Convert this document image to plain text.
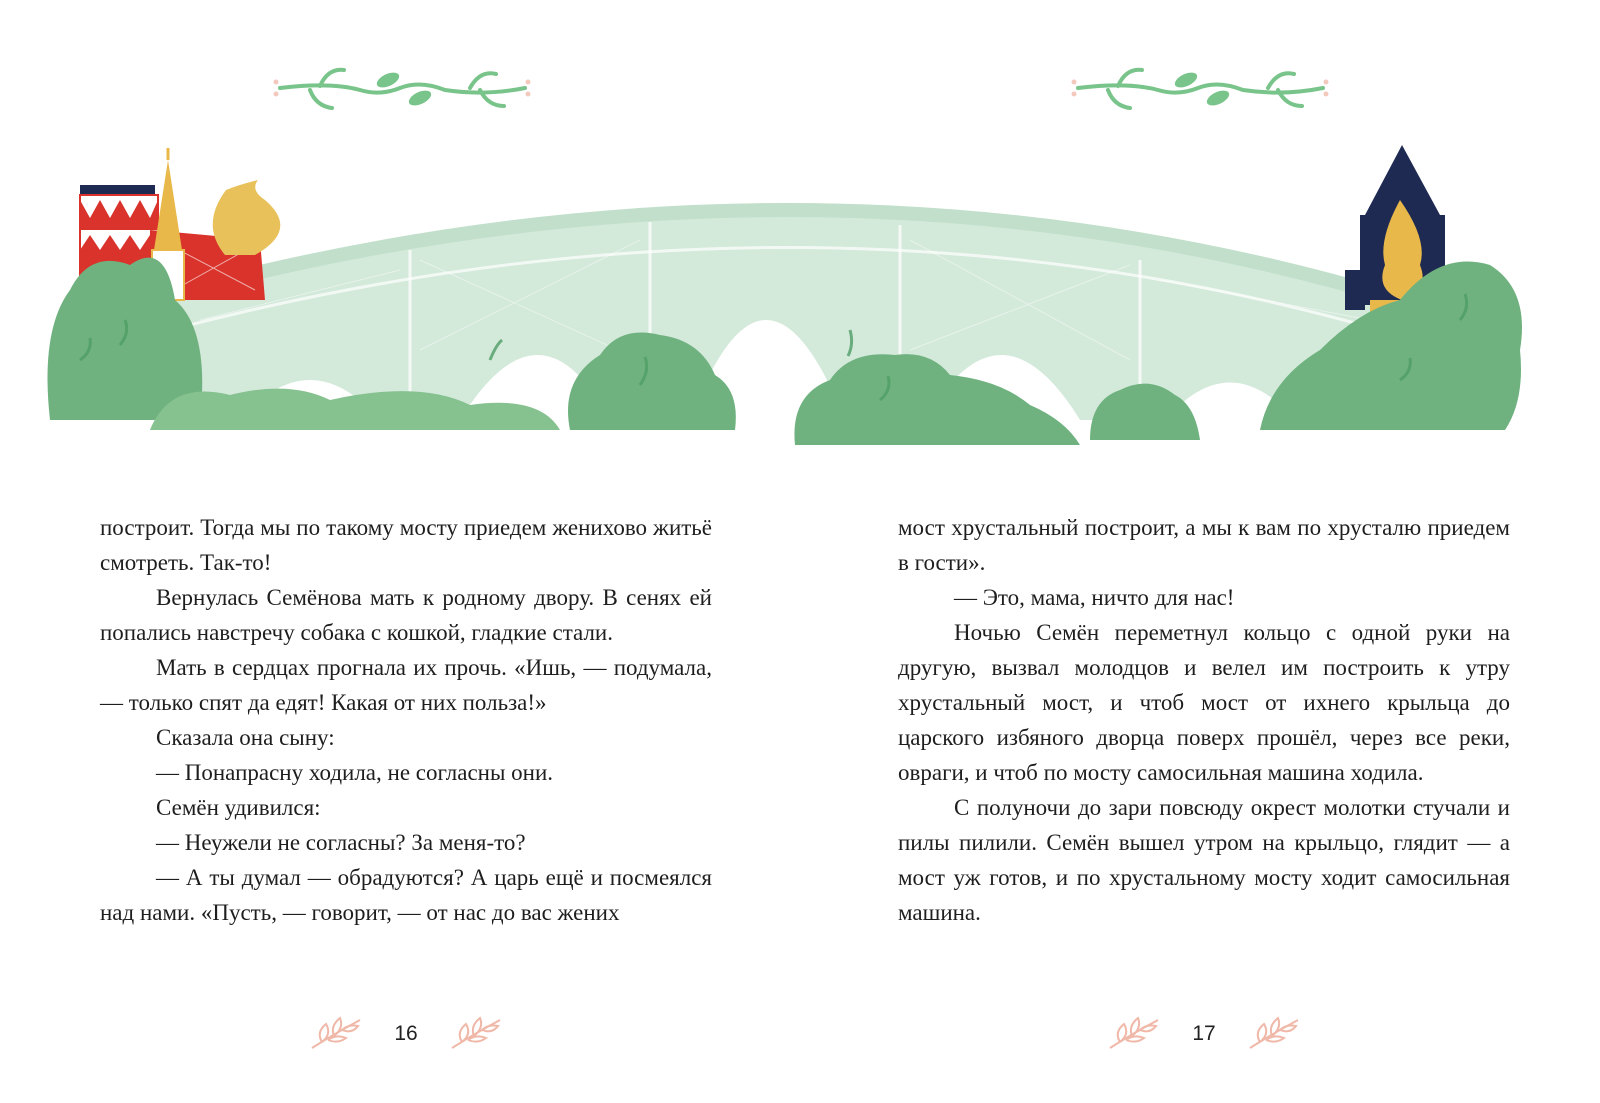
построит. Тогда мы по такому мосту приедем женихово житьё смотреть. Так-то!

Вернулась Семёнова мать к родному двору. В сенях ей попались навстречу собака с кошкой, гладкие стали.

Мать в сердцах прогнала их прочь. «Ишь, — подумала, — только спят да едят! Какая от них польза!»

Сказала она сыну:

— Понапрасну ходила, не согласны они.

Семён удивился:

— Неужели не согласны? За меня-то?

— А ты думал — обрадуются? А царь ещё и посмеялся над нами. «Пусть, — говорит, — от нас до вас жених

мост хрустальный построит, а мы к вам по хрусталю приедем в гости».

— Это, мама, ничто для нас!

Ночью Семён переметнул кольцо с одной руки на другую, вызвал молодцов и велел им построить к утру хрустальный мост, и чтоб мост от ихнего крыльца до царского избяного дворца поверх прошёл, через все реки, овраги, и чтоб по мосту самосильная машина ходила.

С полуночи до зари повсюду окрест молотки стучали и пилы пилили. Семён вышел утром на крыльцо, глядит — а мост уж готов, и по хрустальному мосту ходит самосильная машина.

16	17
